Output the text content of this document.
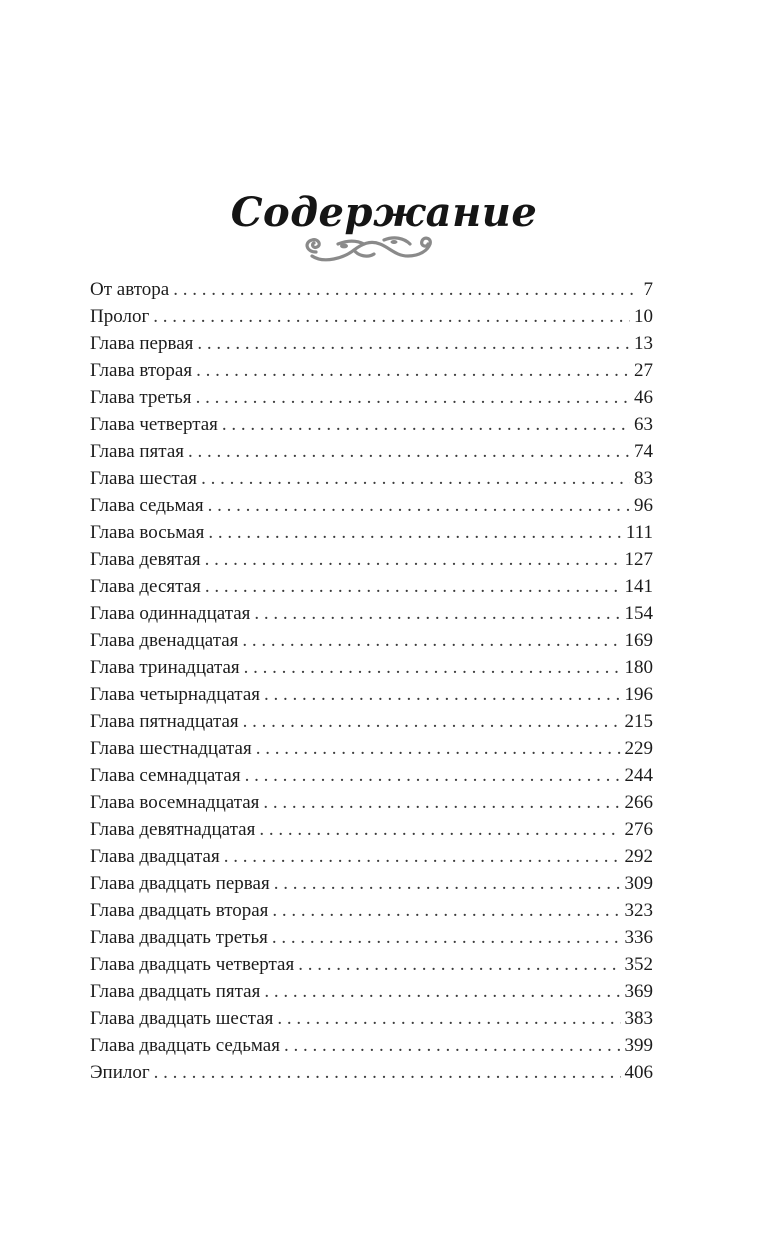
Содержание
От автора . . .	7
Пролог . . .	10
Глава первая . . .	13
Глава вторая . . .	27
Глава третья . . .	46
Глава четвертая . . .	63
Глава пятая . . .	74
Глава шестая . . .	83
Глава седьмая . . .	96
Глава восьмая . . .	111
Глава девятая . . .	127
Глава десятая . . .	141
Глава одиннадцатая . . .	154
Глава двенадцатая . . .	169
Глава тринадцатая . . .	180
Глава четырнадцатая . . .	196
Глава пятнадцатая . . .	215
Глава шестнадцатая . . .	229
Глава семнадцатая . . .	244
Глава восемнадцатая . . .	266
Глава девятнадцатая . . .	276
Глава двадцатая . . .	292
Глава двадцать первая . . .	309
Глава двадцать вторая . . .	323
Глава двадцать третья . . .	336
Глава двадцать четвертая . . .	352
Глава двадцать пятая . . .	369
Глава двадцать шестая . . .	383
Глава двадцать седьмая . . .	399
Эпилог . . .	406
